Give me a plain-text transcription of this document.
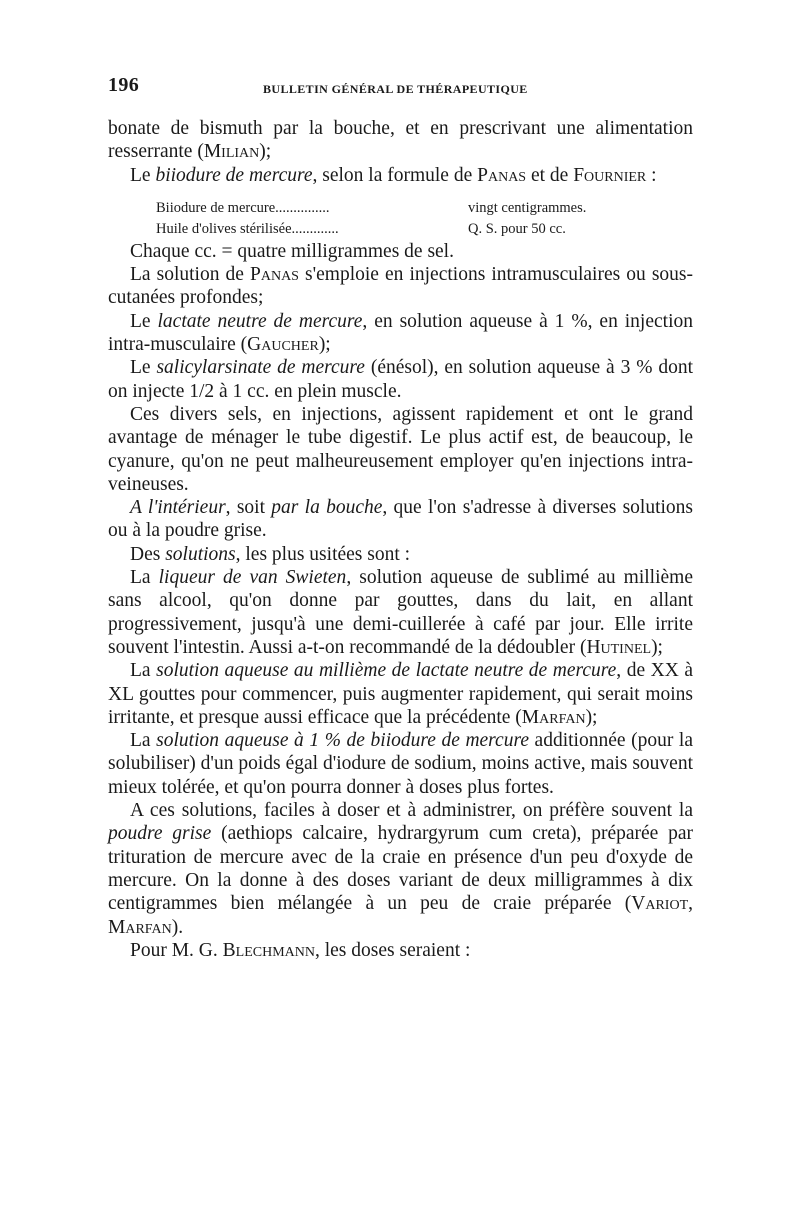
196	BULLETIN GÉNÉRAL DE THÉRAPEUTIQUE

bonate de bismuth par la bouche, et en prescrivant une alimentation resserrante (Milian);

Le biiodure de mercure, selon la formule de Panas et de Fournier :

Biiodure de mercure...............	vingt centigrammes.
Huile d'olives stérilisée.............	Q. S. pour 50 cc.

Chaque cc. = quatre milligrammes de sel.

La solution de Panas s'emploie en injections intramusculaires ou sous-cutanées profondes;

Le lactate neutre de mercure, en solution aqueuse à 1 %, en injection intra-musculaire (Gaucher);

Le salicylarsinate de mercure (énésol), en solution aqueuse à 3 % dont on injecte 1/2 à 1 cc. en plein muscle.

Ces divers sels, en injections, agissent rapidement et ont le grand avantage de ménager le tube digestif. Le plus actif est, de beaucoup, le cyanure, qu'on ne peut malheureusement employer qu'en injections intra-veineuses.

A l'intérieur, soit par la bouche, que l'on s'adresse à diverses solutions ou à la poudre grise.

Des solutions, les plus usitées sont :

La liqueur de van Swieten, solution aqueuse de sublimé au millième sans alcool, qu'on donne par gouttes, dans du lait, en allant progressivement, jusqu'à une demi-cuillerée à café par jour. Elle irrite souvent l'intestin. Aussi a-t-on recommandé de la dédoubler (Hutinel);

La solution aqueuse au millième de lactate neutre de mercure, de XX à XL gouttes pour commencer, puis augmenter rapidement, qui serait moins irritante, et presque aussi efficace que la précédente (Marfan);

La solution aqueuse à 1 % de biiodure de mercure additionnée (pour la solubiliser) d'un poids égal d'iodure de sodium, moins active, mais souvent mieux tolérée, et qu'on pourra donner à doses plus fortes.

A ces solutions, faciles à doser et à administrer, on préfère souvent la poudre grise (aethiops calcaire, hydrargyrum cum creta), préparée par trituration de mercure avec de la craie en présence d'un peu d'oxyde de mercure. On la donne à des doses variant de deux milligrammes à dix centigrammes bien mélangée à un peu de craie préparée (Variot, Marfan).

Pour M. G. Blechmann, les doses seraient :
